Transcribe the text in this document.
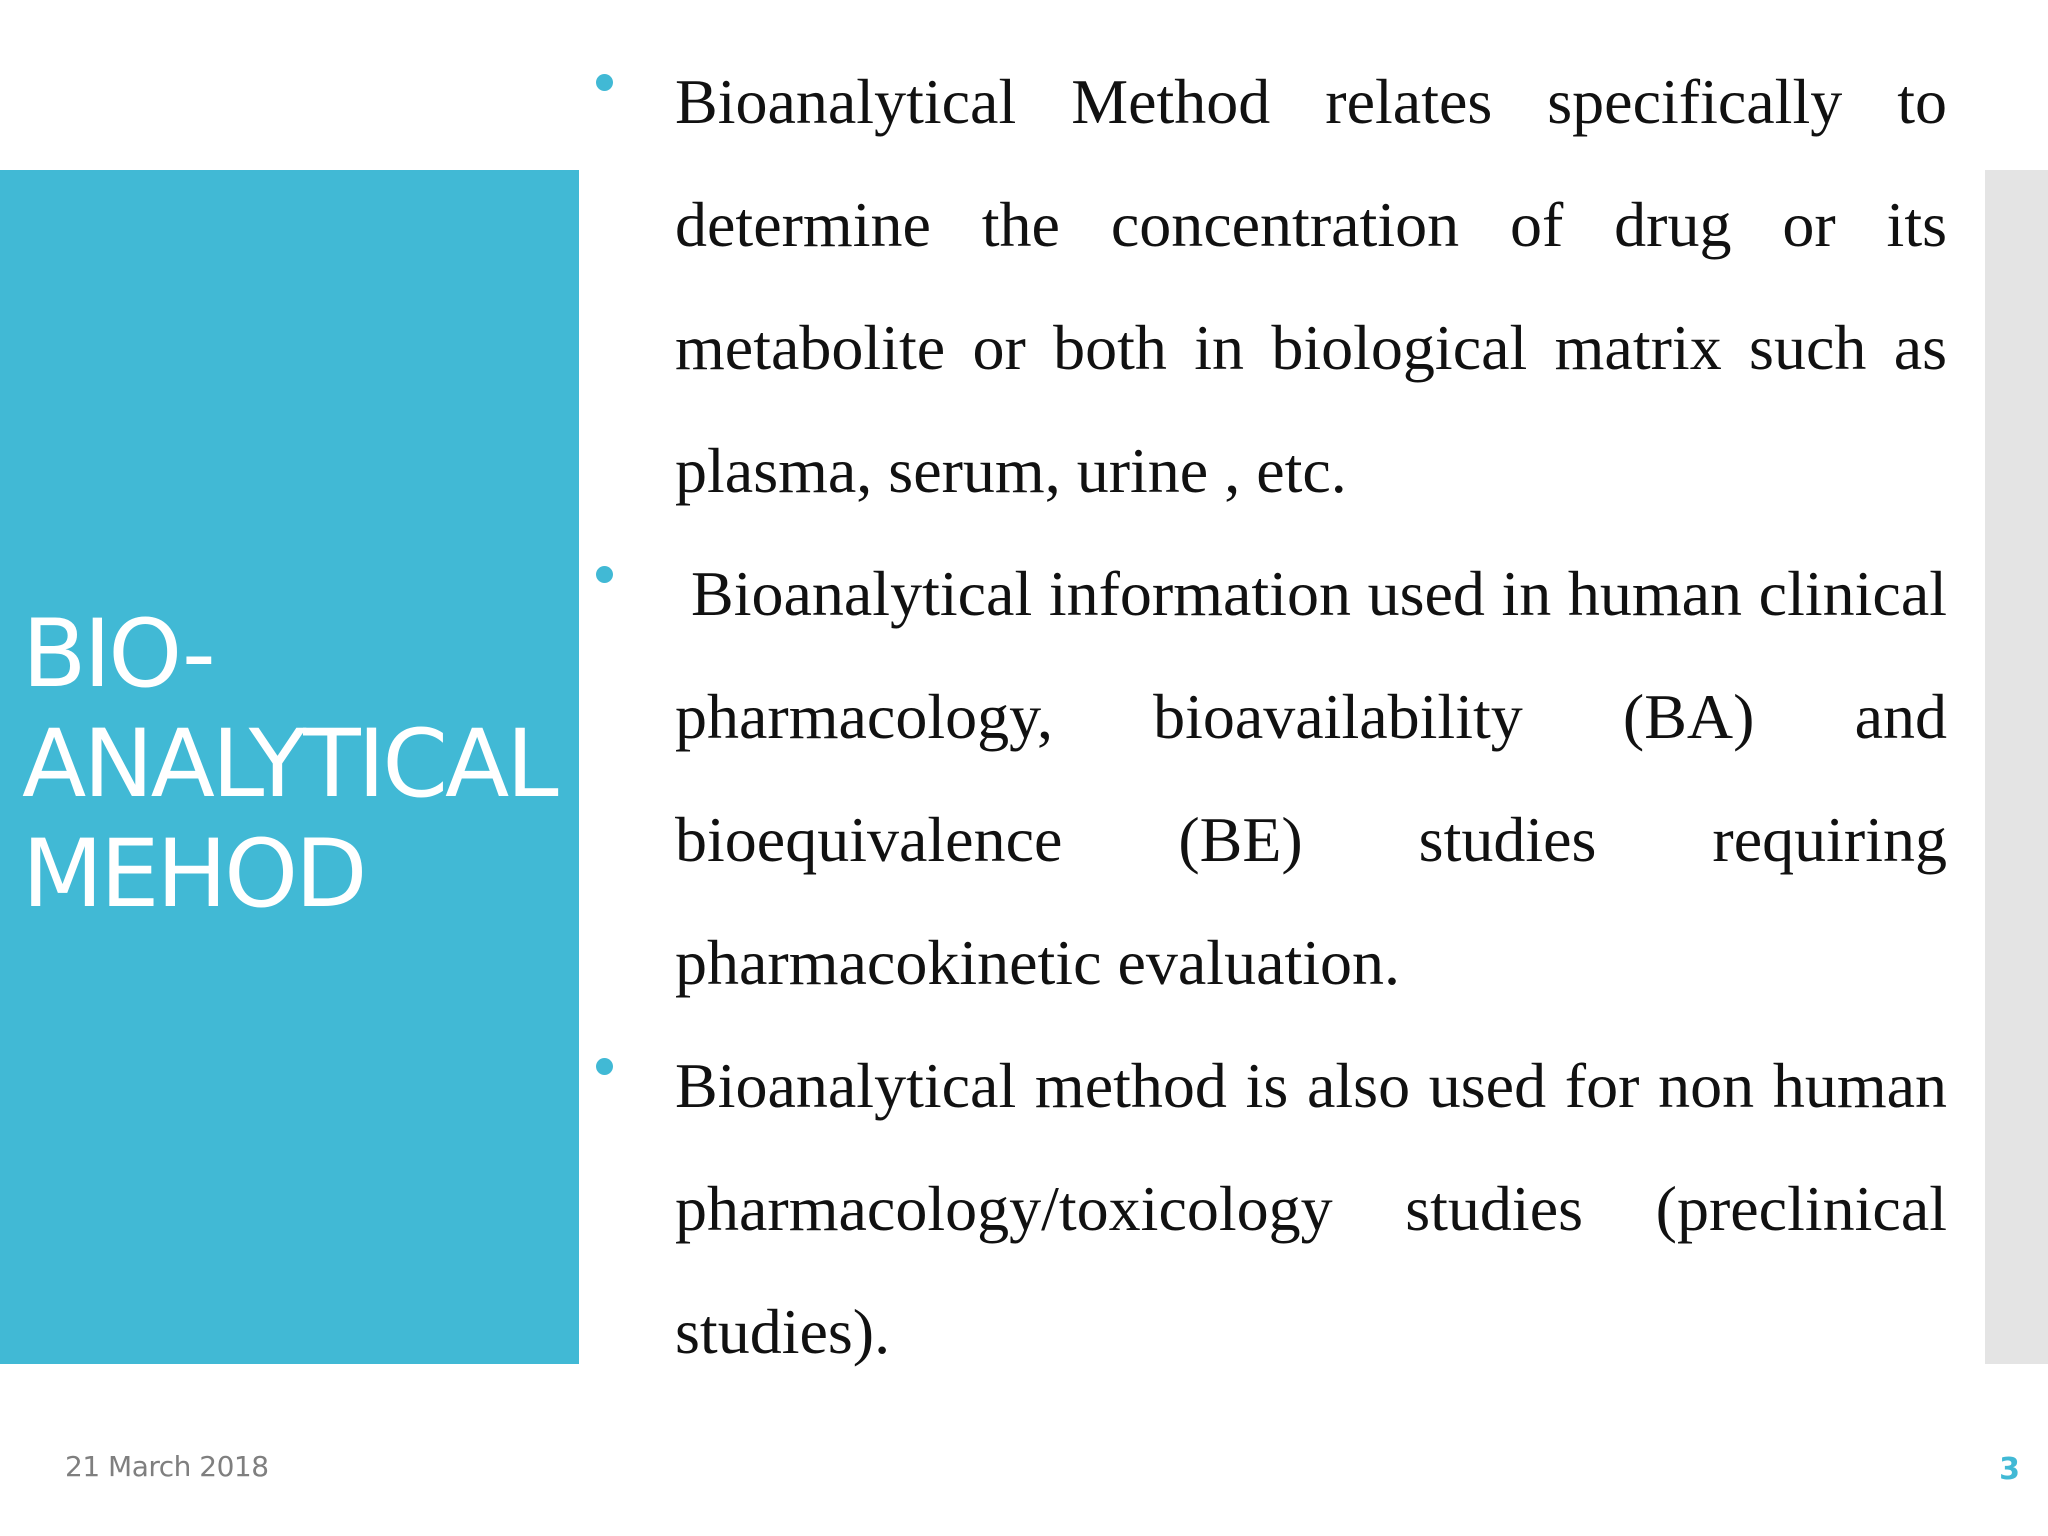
BIO-
ANALYTICAL
MEHOD
Bioanalytical Method relates specifically to determine the concentration of drug or its metabolite or both in biological matrix such as plasma, serum, urine , etc.
Bioanalytical information used in human clinical pharmacology, bioavailability (BA) and bioequivalence (BE) studies requiring pharmacokinetic evaluation.
Bioanalytical method is also used for non human pharmacology/toxicology studies (preclinical studies).
21 March 2018	3
